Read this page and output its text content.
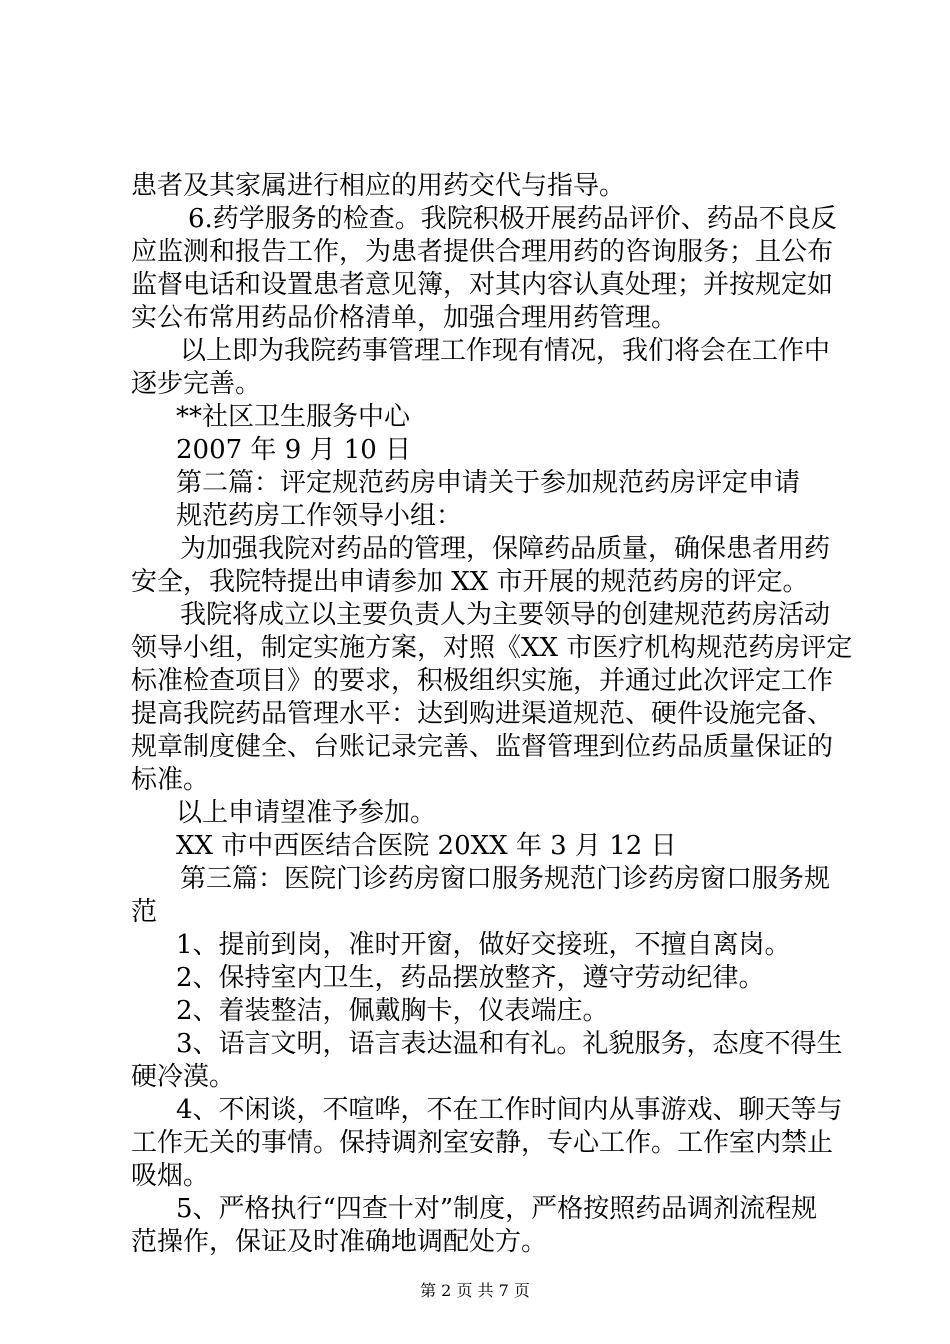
患者及其家属进行相应的用药交代与指导。
6.药学服务的检查。我院积极开展药品评价、药品不良反
应监测和报告工作，为患者提供合理用药的咨询服务；且公布
监督电话和设置患者意见簿，对其内容认真处理；并按规定如
实公布常用药品价格清单，加强合理用药管理。
以上即为我院药事管理工作现有情况，我们将会在工作中
逐步完善。
**社区卫生服务中心
2007 年 9 月 10 日
第二篇：评定规范药房申请关于参加规范药房评定申请
规范药房工作领导小组：
为加强我院对药品的管理，保障药品质量，确保患者用药
安全，我院特提出申请参加 XX 市开展的规范药房的评定。
我院将成立以主要负责人为主要领导的创建规范药房活动
领导小组，制定实施方案，对照《XX 市医疗机构规范药房评定
标准检查项目》的要求，积极组织实施，并通过此次评定工作
提高我院药品管理水平：达到购进渠道规范、硬件设施完备、
规章制度健全、台账记录完善、监督管理到位药品质量保证的
标准。
以上申请望准予参加。
XX 市中西医结合医院 20XX 年 3 月 12 日
第三篇：医院门诊药房窗口服务规范门诊药房窗口服务规
范
1、提前到岗，准时开窗，做好交接班，不擅自离岗。
2、保持室内卫生，药品摆放整齐，遵守劳动纪律。
2、着装整洁，佩戴胸卡，仪表端庄。
3、语言文明，语言表达温和有礼。礼貌服务，态度不得生
硬冷漠。
4、不闲谈，不喧哗，不在工作时间内从事游戏、聊天等与
工作无关的事情。保持调剂室安静，专心工作。工作室内禁止
吸烟。
5、严格执行“四查十对”制度，严格按照药品调剂流程规
范操作，保证及时准确地调配处方。
第 2 页 共 7 页
